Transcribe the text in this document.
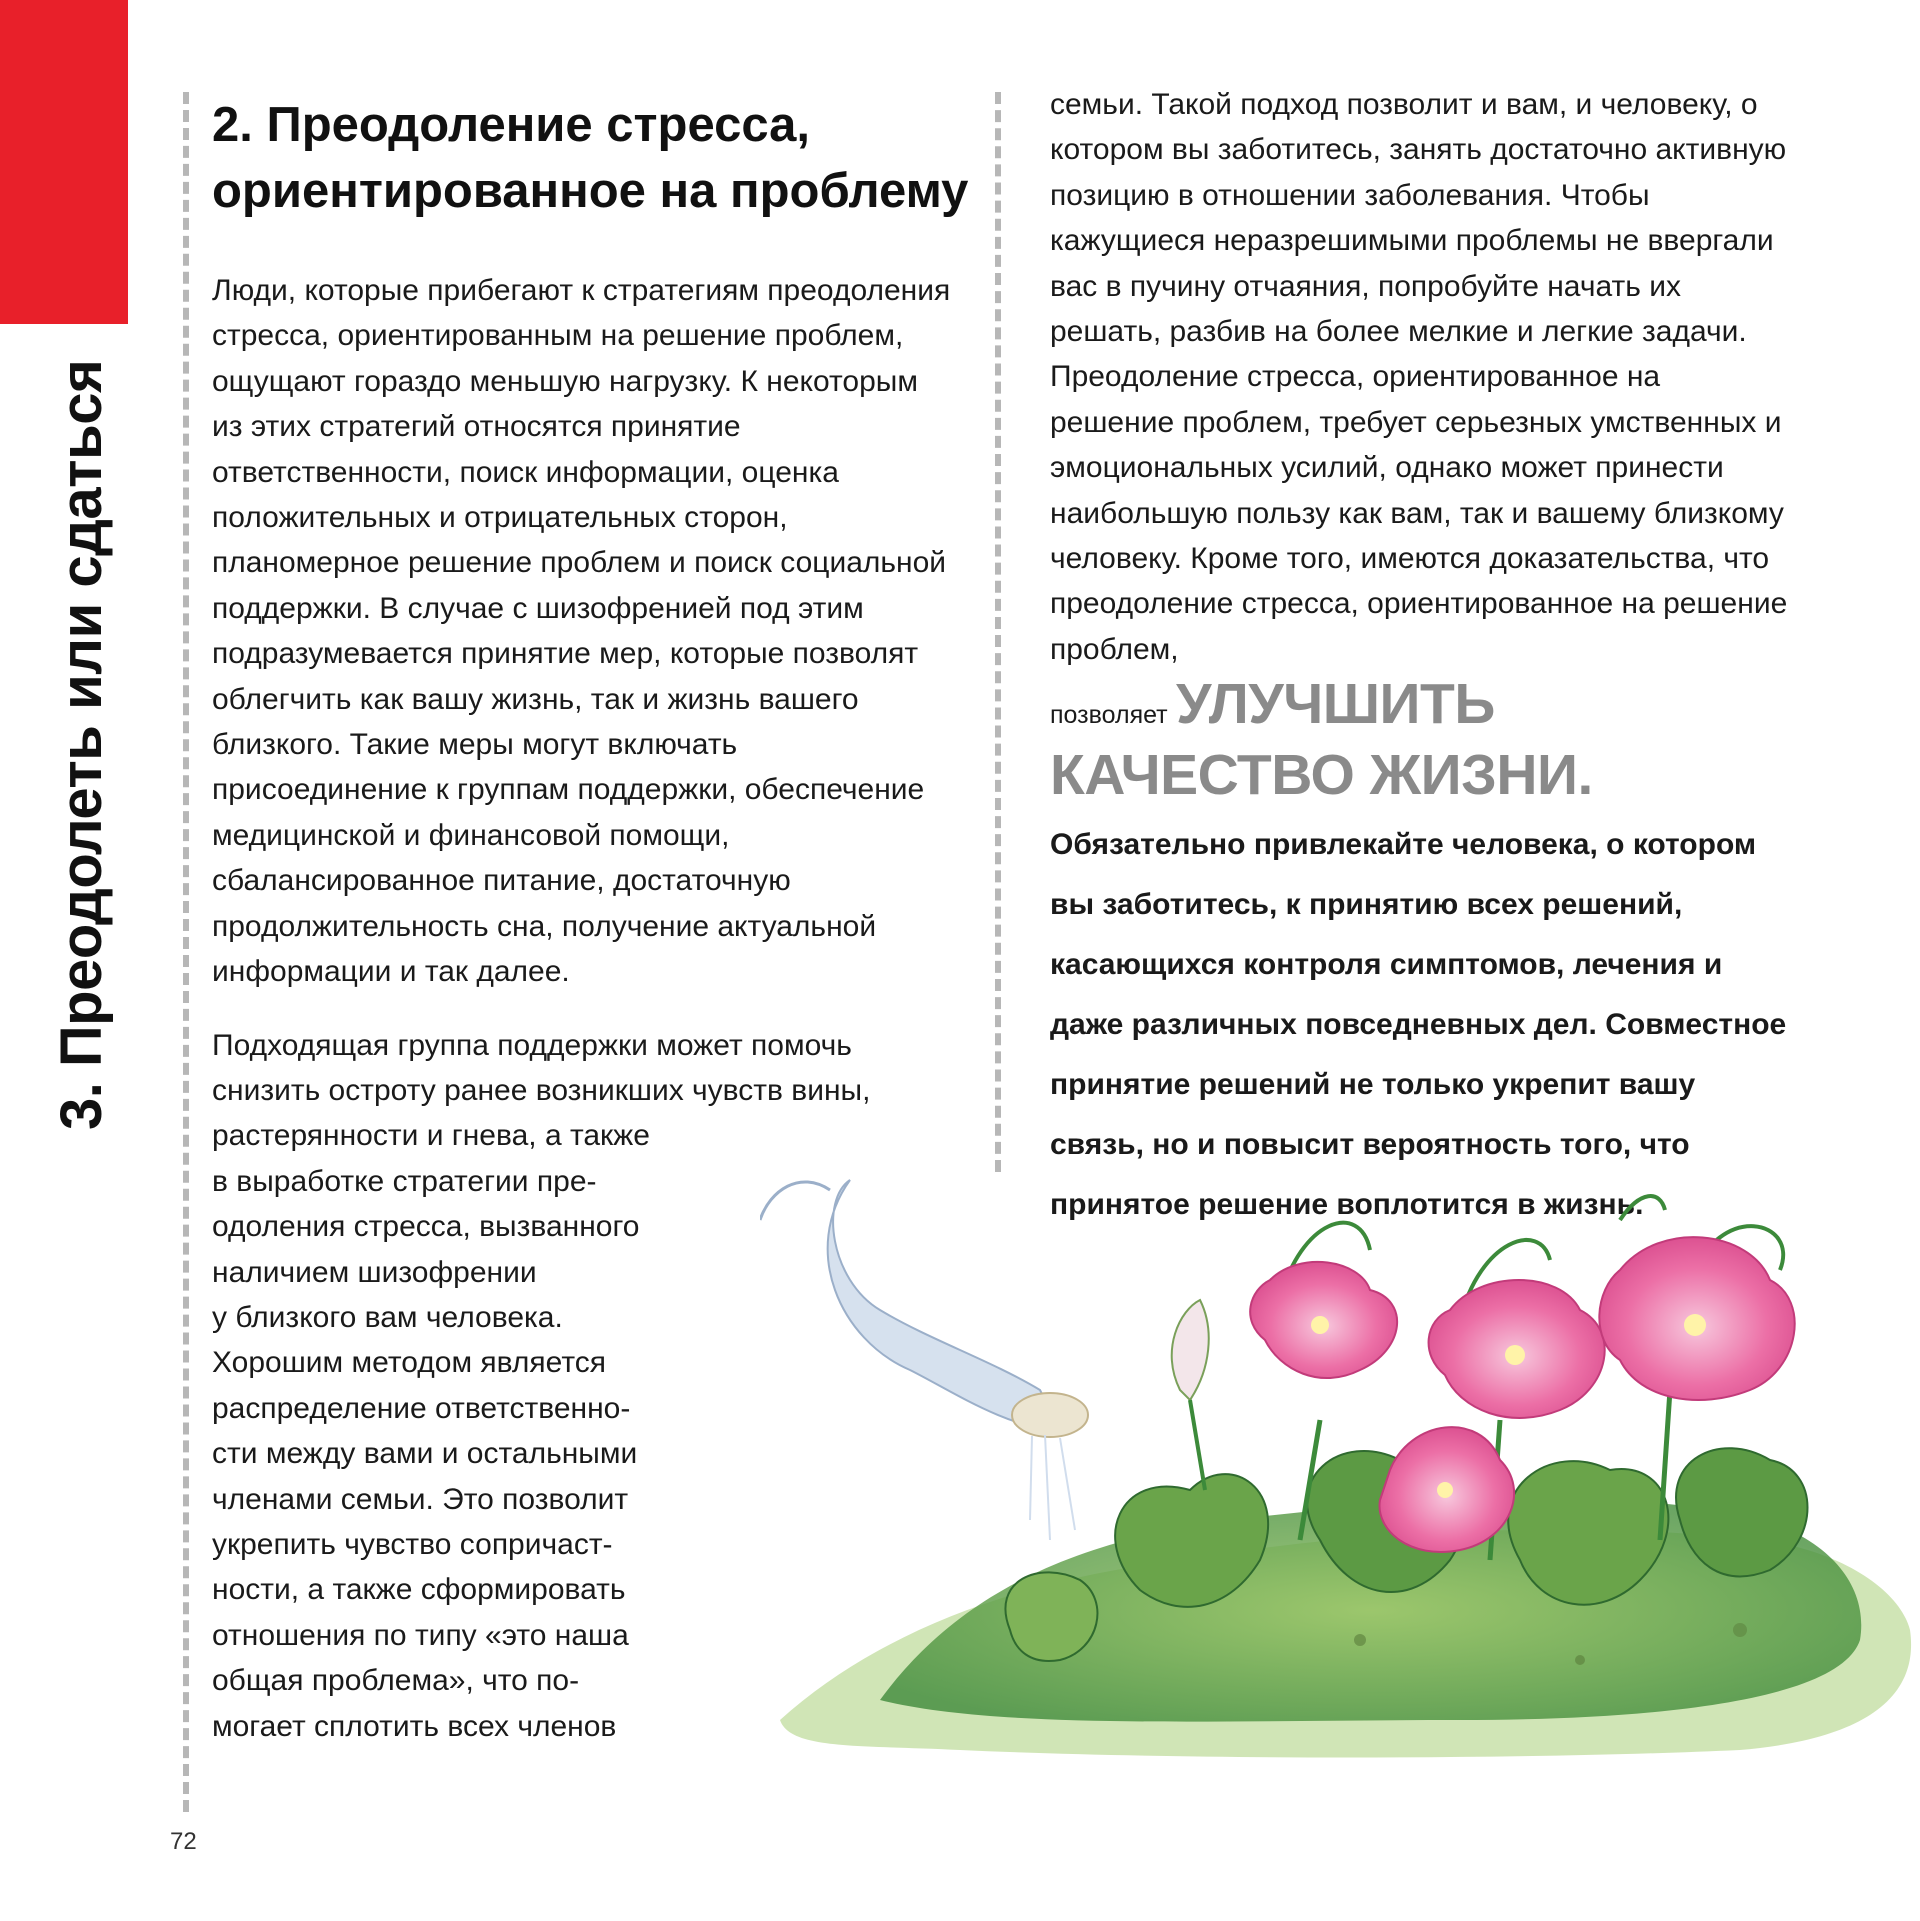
3. Преодолеть или сдаться
2. Преодоление стресса,
ориентированное на проблему

Люди, которые прибегают к стратегиям преодоления стресса, ориентированным на решение проблем, ощущают гораздо меньшую нагрузку. К некоторым из этих стратегий относятся принятие ответственности, поиск информации, оценка положительных и отрицательных сторон, планомерное решение проблем и поиск социальной поддержки. В случае с шизофренией под этим подразумевается принятие мер, которые позволят облегчить как вашу жизнь, так и жизнь вашего близкого. Такие меры могут включать присоединение к группам поддержки, обеспечение медицинской и финансовой помощи, сбалансированное питание, достаточную продолжительность сна, получение актуальной информации и так далее.

Подходящая группа поддержки может помочь
снизить остроту ранее возникших чувств вины,
растерянности и гнева, а также
в выработке стратегии пре-
одоления стресса, вызванного
наличием шизофрении
у близкого вам человека.
Хорошим методом является
распределение ответственно-
сти между вами и остальными
членами семьи. Это позволит
укрепить чувство сопричаст-
ности, а также сформировать
отношения по типу «это наша
общая проблема», что по-
могает сплотить всех членов

семьи. Такой подход позволит и вам, и человеку, о котором вы заботитесь, занять достаточно активную позицию в отношении заболевания. Чтобы кажущиеся неразрешимыми проблемы не ввергали вас в пучину отчаяния, попробуйте начать их решать, разбив на более мелкие и легкие задачи. Преодоление стресса, ориентированное на решение проблем, требует серьезных умственных и эмоциональных усилий, однако может принести наибольшую пользу как вам, так и вашему близкому человеку. Кроме того, имеются доказательства, что преодоление стресса, ориентированное на решение проблем,

позволяет УЛУЧШИТЬ КАЧЕСТВО ЖИЗНИ. Обязательно привлекайте человека, о котором вы заботитесь, к принятию всех решений, касающихся контроля симптомов, лечения и даже различных повседневных дел. Совместное принятие решений не только укрепит вашу связь, но и повысит вероятность того, что принятое решение воплотится в жизнь.

72
